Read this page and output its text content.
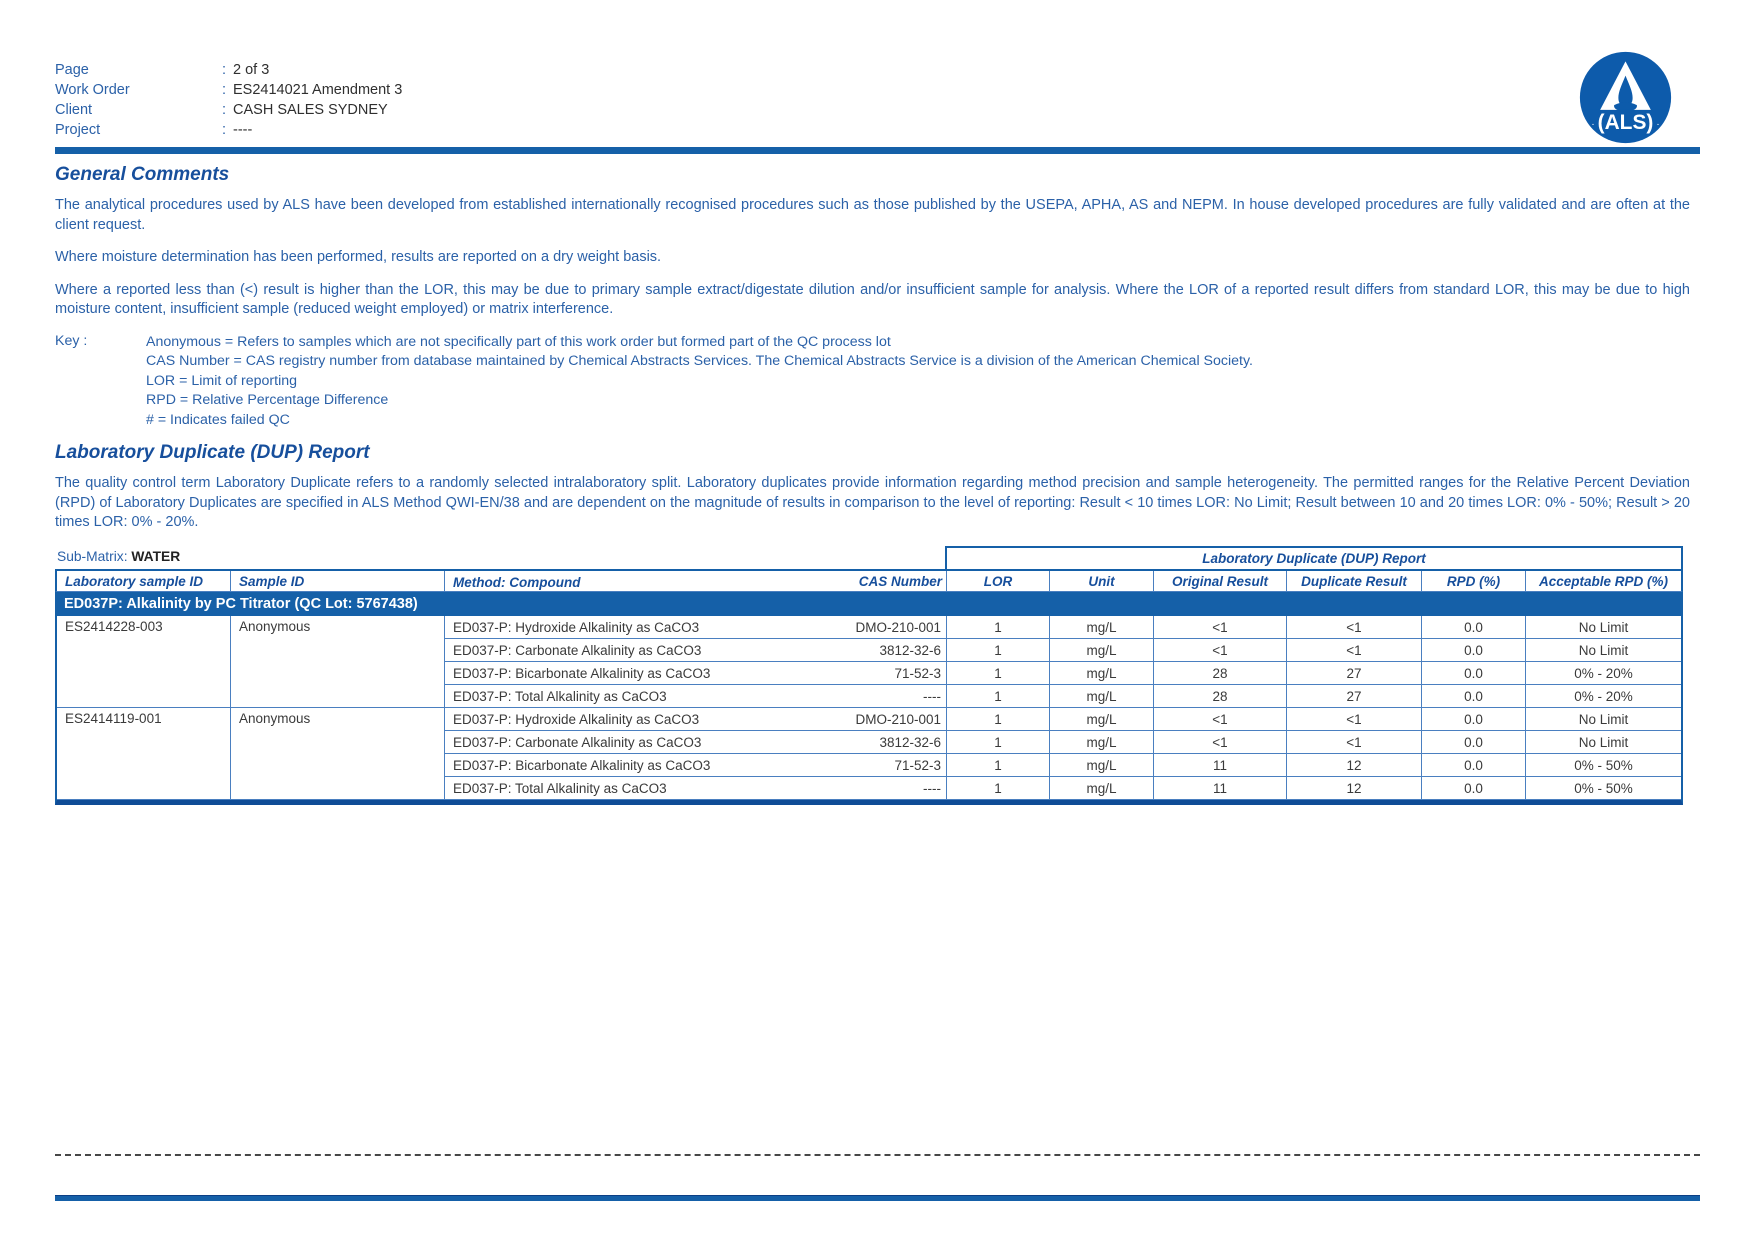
Page	: 2 of 3
Work Order	: ES2414021 Amendment 3
Client	: CASH SALES SYDNEY
Project	: ----	(ALS)
General Comments

The analytical procedures used by ALS have been developed from established internationally recognised procedures such as those published by the USEPA, APHA, AS and NEPM. In house developed procedures are fully validated and are often at the client request.

Where moisture determination has been performed, results are reported on a dry weight basis.

Where a reported less than (<) result is higher than the LOR, this may be due to primary sample extract/digestate dilution and/or insufficient sample for analysis. Where the LOR of a reported result differs from standard LOR, this may be due to high moisture content, insufficient sample (reduced weight employed) or matrix interference.

Key :	Anonymous = Refers to samples which are not specifically part of this work order but formed part of the QC process lot
CAS Number = CAS registry number from database maintained by Chemical Abstracts Services. The Chemical Abstracts Service is a division of the American Chemical Society.
LOR = Limit of reporting
RPD = Relative Percentage Difference
# = Indicates failed QC
Laboratory Duplicate (DUP) Report

The quality control term Laboratory Duplicate refers to a randomly selected intralaboratory split. Laboratory duplicates provide information regarding method precision and sample heterogeneity. The permitted ranges for the Relative Percent Deviation (RPD) of Laboratory Duplicates are specified in ALS Method QWI-EN/38 and are dependent on the magnitude of results in comparison to the level of reporting: Result < 10 times LOR: No Limit; Result between 10 and 20 times LOR: 0% - 50%; Result > 20 times LOR: 0% - 20%.

Sub-Matrix: WATER	Laboratory Duplicate (DUP) Report
Laboratory sample ID	Sample ID	Method: Compound	CAS Number	LOR	Unit	Original Result	Duplicate Result	RPD (%)	Acceptable RPD (%)
ED037P: Alkalinity by PC Titrator (QC Lot: 5767438)
ES2414228-003	Anonymous	ED037-P: Hydroxide Alkalinity as CaCO3	DMO-210-001	1	mg/L	<1	<1	0.0	No Limit
ED037-P: Carbonate Alkalinity as CaCO3	3812-32-6	1	mg/L	<1	<1	0.0	No Limit
ED037-P: Bicarbonate Alkalinity as CaCO3	71-52-3	1	mg/L	28	27	0.0	0% - 20%
ED037-P: Total Alkalinity as CaCO3	----	1	mg/L	28	27	0.0	0% - 20%
ES2414119-001	Anonymous	ED037-P: Hydroxide Alkalinity as CaCO3	DMO-210-001	1	mg/L	<1	<1	0.0	No Limit
ED037-P: Carbonate Alkalinity as CaCO3	3812-32-6	1	mg/L	<1	<1	0.0	No Limit
ED037-P: Bicarbonate Alkalinity as CaCO3	71-52-3	1	mg/L	11	12	0.0	0% - 50%
ED037-P: Total Alkalinity as CaCO3	----	1	mg/L	11	12	0.0	0% - 50%
